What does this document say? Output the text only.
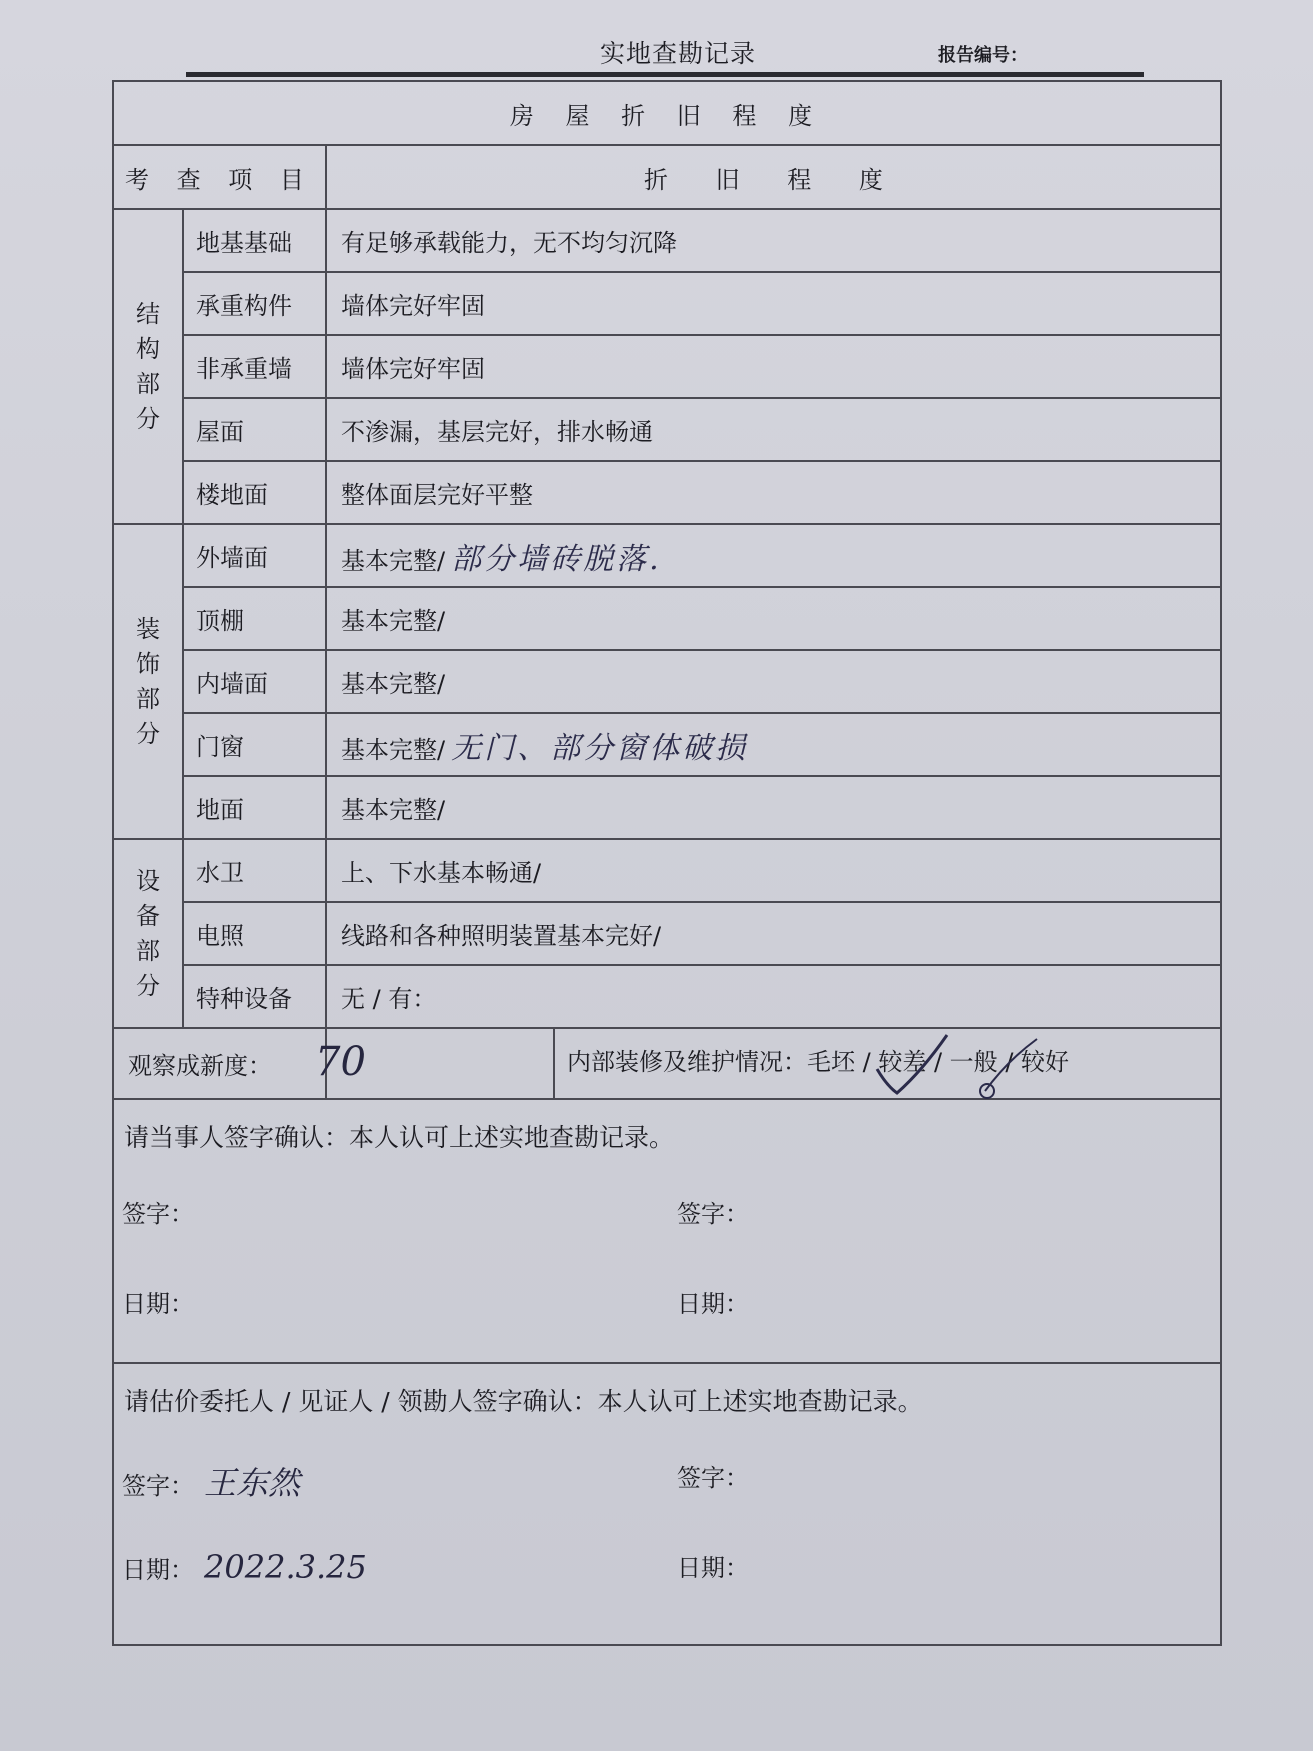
实地查勘记录	报告编号：
房 屋 折 旧 程 度		
考 查 项 目		折 旧 程 度

结
构
部
分	地基基础	有足够承载能力，无不均匀沉降
	承重构件	墙体完好牢固
	非承重墙	墙体完好牢固
	屋面	不渗漏，基层完好，排水畅通
	楼地面	整体面层完好平整

装
饰
部
分	外墙面	基本完整/ 部分墙砖脱落.
	顶棚	基本完整/
	内墙面	基本完整/
	门窗	基本完整/ 无门、部分窗体破损
	地面	基本完整/

设
备
部
分	水卫	上、下水基本畅通/
	电照	线路和各种照明装置基本完好/
	特种设备	无 / 有：
观察成新度：		70 内部装修及维护情况：毛坯 / 较差 / 一般 / 较好

请当事人签字确认：本人认可上述实地查勘记录。
签字： 签字：
日期： 日期：		

请估价委托人 / 见证人 / 领勘人签字确认：本人认可上述实地查勘记录。
签字： 王东然 签字：
日期： 2022.3.25 日期：		
